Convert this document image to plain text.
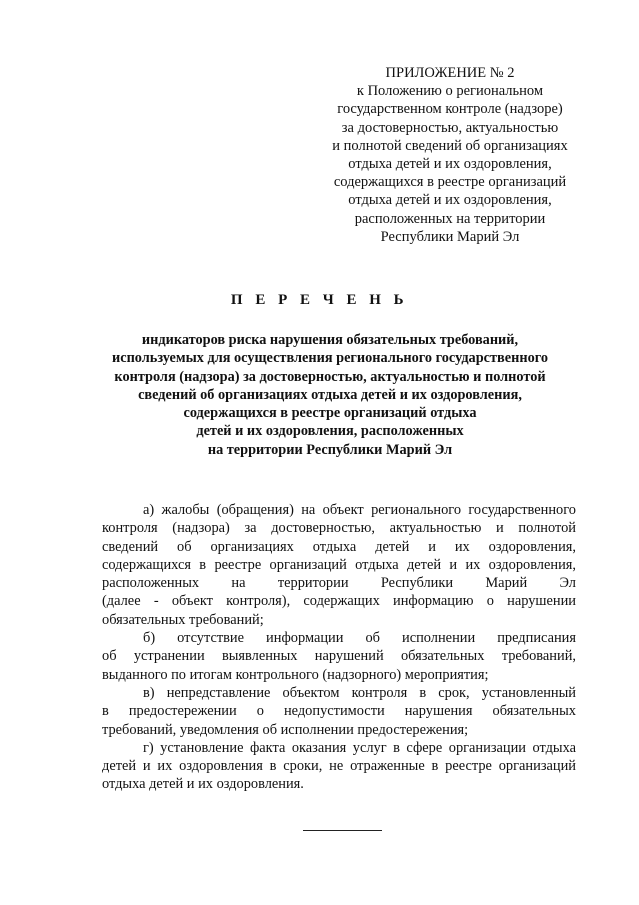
ПРИЛОЖЕНИЕ № 2
к Положению о региональном
государственном контроле (надзоре)
за достоверностью, актуальностью
и полнотой сведений об организациях
отдыха детей и их оздоровления,
содержащихся в реестре организаций
отдыха детей и их оздоровления,
расположенных на территории
Республики Марий Эл
П Е Р Е Ч Е Н Ь
индикаторов риска нарушения обязательных требований,
используемых для осуществления регионального государственного
контроля (надзора) за достоверностью, актуальностью и полнотой
сведений об организациях отдыха детей и их оздоровления,
содержащихся в реестре организаций отдыха
детей и их оздоровления, расположенных
на территории Республики Марий Эл
а) жалобы (обращения) на объект регионального государственного
контроля (надзора) за достоверностью, актуальностью и полнотой
сведений об организациях отдыха детей и их оздоровления,
содержащихся в реестре организаций отдыха детей и их оздоровления,
расположенных на территории Республики Марий Эл
(далее - объект контроля), содержащих информацию о нарушении
обязательных требований;
б) отсутствие информации об исполнении предписания
об устранении выявленных нарушений обязательных требований,
выданного по итогам контрольного (надзорного) мероприятия;
в) непредставление объектом контроля в срок, установленный
в предостережении о недопустимости нарушения обязательных
требований, уведомления об исполнении предостережения;
г) установление факта оказания услуг в сфере организации отдыха
детей и их оздоровления в сроки, не отраженные в реестре организаций
отдыха детей и их оздоровления.
